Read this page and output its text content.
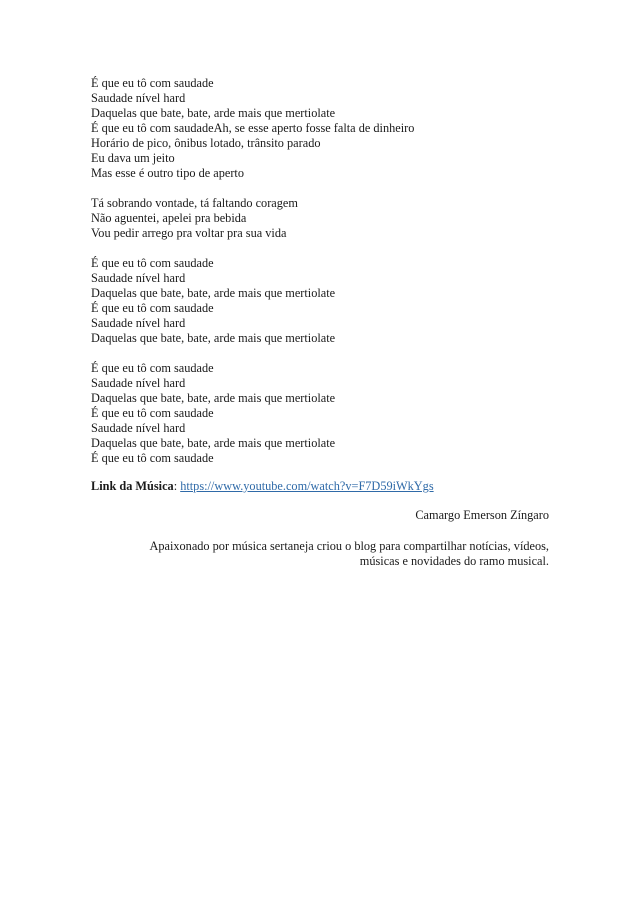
É que eu tô com saudade
Saudade nível hard
Daquelas que bate, bate, arde mais que mertiolate
É que eu tô com saudadeAh, se esse aperto fosse falta de dinheiro
Horário de pico, ônibus lotado, trânsito parado
Eu dava um jeito
Mas esse é outro tipo de aperto
Tá sobrando vontade, tá faltando coragem
Não aguentei, apelei pra bebida
Vou pedir arrego pra voltar pra sua vida
É que eu tô com saudade
Saudade nível hard
Daquelas que bate, bate, arde mais que mertiolate
É que eu tô com saudade
Saudade nível hard
Daquelas que bate, bate, arde mais que mertiolate
É que eu tô com saudade
Saudade nível hard
Daquelas que bate, bate, arde mais que mertiolate
É que eu tô com saudade
Saudade nível hard
Daquelas que bate, bate, arde mais que mertiolate
É que eu tô com saudade
Link da Música: https://www.youtube.com/watch?v=F7D59iWkYgs
Camargo Emerson Zíngaro
Apaixonado por música sertaneja criou o blog para compartilhar notícias, vídeos,
músicas e novidades do ramo musical.
